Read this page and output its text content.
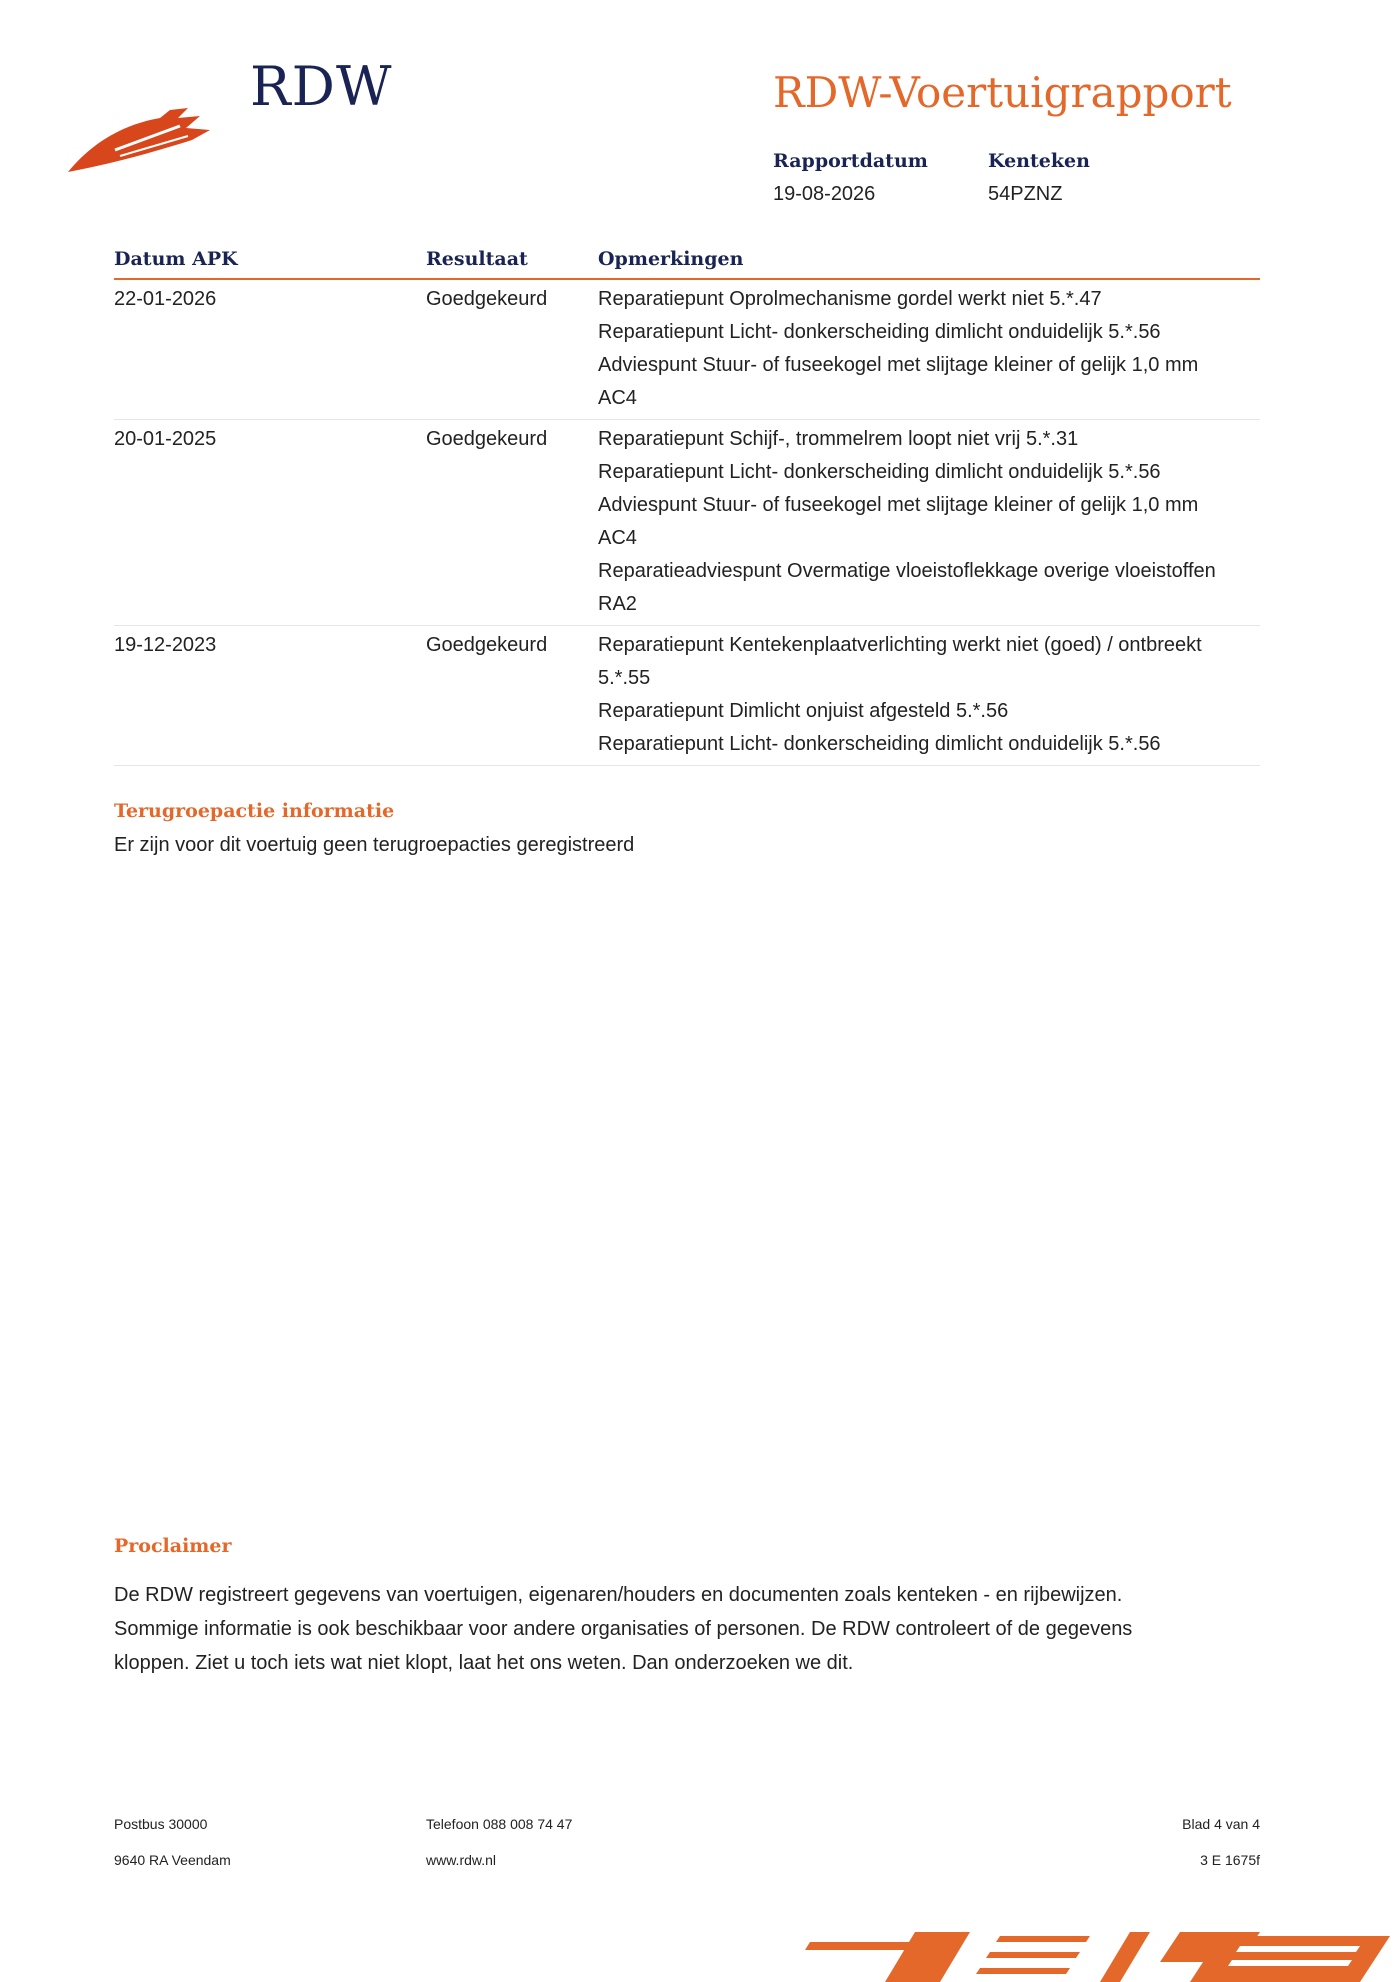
RDW	RDW-Voertuigrapport
Rapportdatum
19-08-2026
Kenteken
54PZNZ
Datum APK	Resultaat	Opmerkingen
22-01-2026	Goedgekeurd	Reparatiepunt Oprolmechanisme gordel werkt niet 5.*.47
Reparatiepunt Licht- donkerscheiding dimlicht onduidelijk 5.*.56
Adviespunt Stuur- of fuseekogel met slijtage kleiner of gelijk 1,0 mm AC4
20-01-2025	Goedgekeurd	Reparatiepunt Schijf-, trommelrem loopt niet vrij 5.*.31
Reparatiepunt Licht- donkerscheiding dimlicht onduidelijk 5.*.56
Adviespunt Stuur- of fuseekogel met slijtage kleiner of gelijk 1,0 mm AC4
Reparatieadviespunt Overmatige vloeistoflekkage overige vloeistoffen RA2
19-12-2023	Goedgekeurd	Reparatiepunt Kentekenplaatverlichting werkt niet (goed) / ontbreekt 5.*.55
Reparatiepunt Dimlicht onjuist afgesteld 5.*.56
Reparatiepunt Licht- donkerscheiding dimlicht onduidelijk 5.*.56
Terugroepactie informatie
Er zijn voor dit voertuig geen terugroepacties geregistreerd
Proclaimer
De RDW registreert gegevens van voertuigen, eigenaren/houders en documenten zoals kenteken - en rijbewijzen.
Sommige informatie is ook beschikbaar voor andere organisaties of personen. De RDW controleert of de gegevens
kloppen. Ziet u toch iets wat niet klopt, laat het ons weten. Dan onderzoeken we dit.
Postbus 30000
9640 RA Veendam
Telefoon 088 008 74 47
www.rdw.nl
Blad 4 van 4
3 E 1675f
